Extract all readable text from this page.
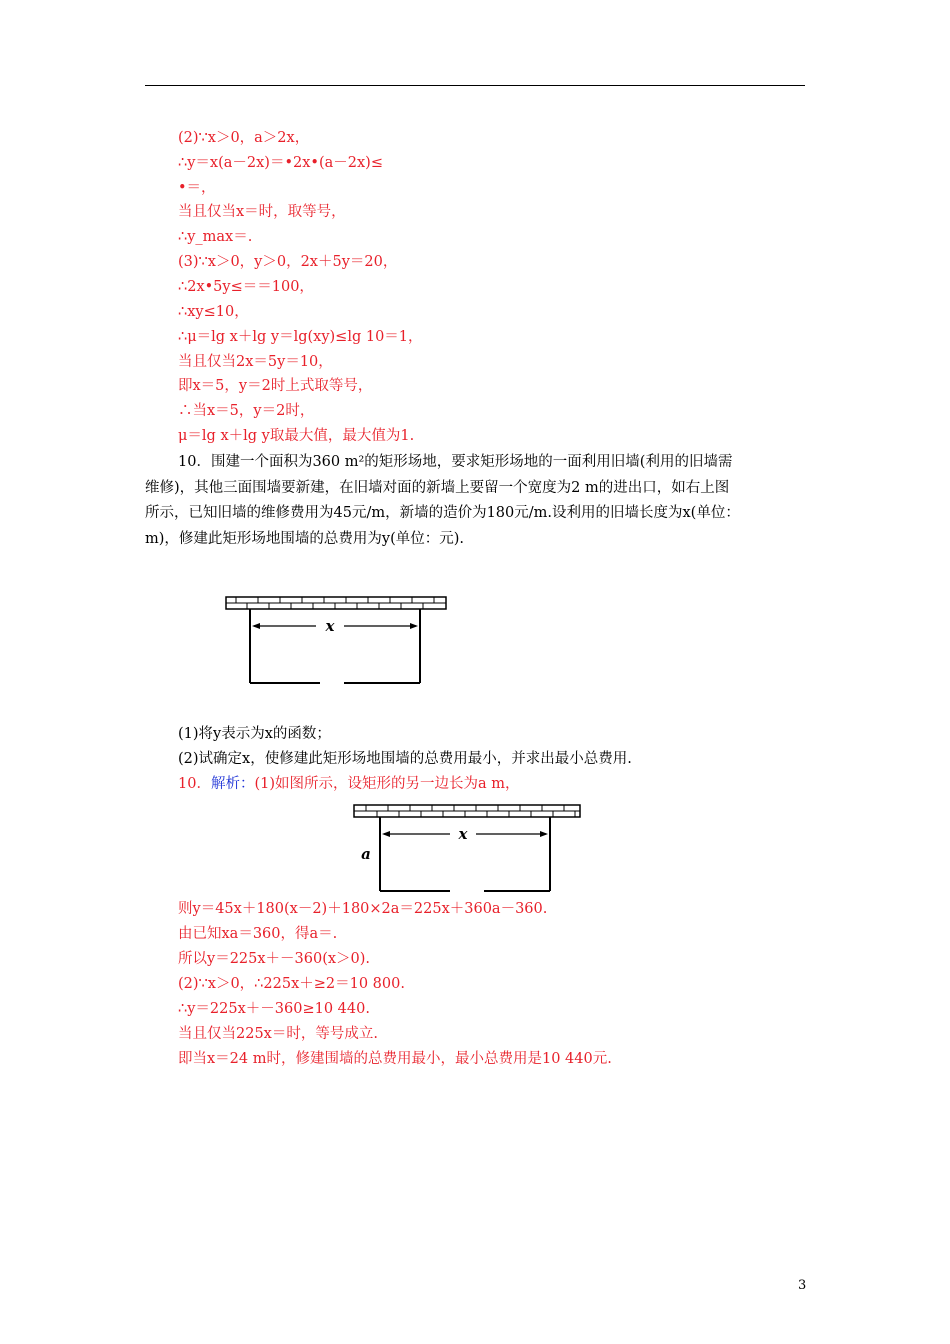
(2)∵x＞0，a＞2x，
∴y＝x(a－2x)＝•2x•(a－2x)≤
•＝，
当且仅当x＝时，取等号，
∴y_max＝.
(3)∵x＞0，y＞0，2x＋5y＝20，
∴2x•5y≤＝＝100，
∴xy≤10，
∴μ＝lg x＋lg y＝lg(xy)≤lg 10＝1，
当且仅当2x＝5y＝10，
即x＝5，y＝2时上式取等号，
∴当x＝5，y＝2时，
μ＝lg x＋lg y取最大值，最大值为1.
10．围建一个面积为360 m²的矩形场地，要求矩形场地的一面利用旧墙(利用的旧墙需
维修)，其他三面围墙要新建，在旧墙对面的新墙上要留一个宽度为2 m的进出口，如右上图
所示，已知旧墙的维修费用为45元/m，新墙的造价为180元/m.设利用的旧墙长度为x(单位：
m)，修建此矩形场地围墙的总费用为y(单位：元).
x
(1)将y表示为x的函数；
(2)试确定x，使修建此矩形场地围墙的总费用最小，并求出最小总费用.
10．解析：(1)如图所示，设矩形的另一边长为a m，
x
a
则y＝45x＋180(x－2)＋180×2a＝225x＋360a－360.
由已知xa＝360，得a＝.
所以y＝225x＋－360(x＞0).
(2)∵x＞0，∴225x＋≥2＝10 800.
∴y＝225x＋－360≥10 440.
当且仅当225x＝时，等号成立.
即当x＝24 m时，修建围墙的总费用最小，最小总费用是10 440元.
3
